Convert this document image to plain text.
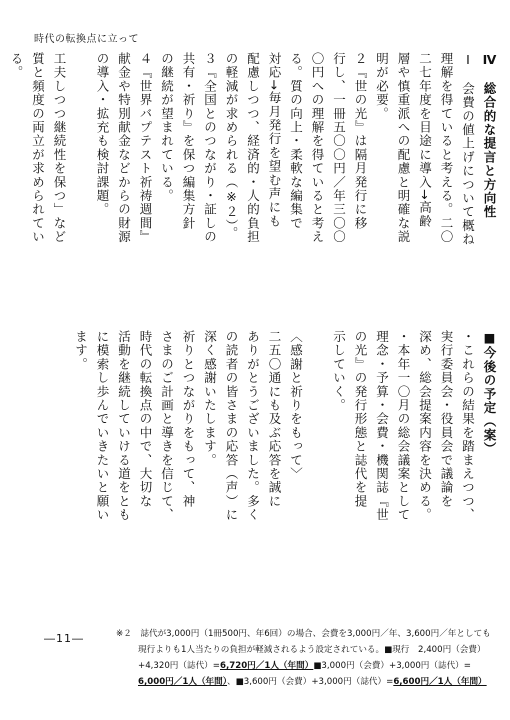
時代の転換点に立って
Ⅳ　総合的な提言と方向性
Ⅰ　会費の値上げについて概ね
理解を得ていると考える。二〇
二七年度を目途に導入→高齢
層や慎重派への配慮と明確な説
明が必要。
２『世の光』は隔月発行に移
行し、一冊五〇〇円／年三〇〇
〇円への理解を得ていると考え
る。質の向上・柔軟な編集で
対応→毎月発行を望む声にも
配慮しつつ、経済的・人的負担
の軽減が求められる（※２）。
３『全国とのつながり・証しの
共有・祈り』を保つ編集方針
の継続が望まれている。
４『世界バプテスト祈祷週間』
献金や特別献金などからの財源
の導入・拡充も検討課題。

工夫しつつ継続性を保つ」など
質と頻度の両立が求められてい
る。

■今後の予定（案）
・これらの結果を踏まえつつ、
実行委員会・役員会で議論を
深め、総会提案内容を決める。
・本年一〇月の総会議案として
理念・予算・会費・機関誌『世
の光』の発行形態と誌代を提
示していく。

〈感謝と祈りをもって〉
二五〇通にも及ぶ応答を誠に
ありがとうございました。多く
の読者の皆さまの応答（声）に
深く感謝いたします。
祈りとつながりをもって、神
さまのご計画と導きを信じて、
時代の転換点の中で、大切な
活動を継続していける道をとも
に模索し歩んでいきたいと願い
ます。
―11―	※２　誌代が3,000円（1冊500円、年6回）の場合、会費を3,000円／年、3,600円／年としても
現行よりも1人当たりの負担が軽減されるよう設定されている。■現行　2,400円（会費）
+4,320円（誌代）=6,720円／1人（年間）■3,000円（会費）+3,000円（誌代）=
6,000円／1人（年間）、■3,600円（会費）+3,000円（誌代）=6,600円／1人（年間）
